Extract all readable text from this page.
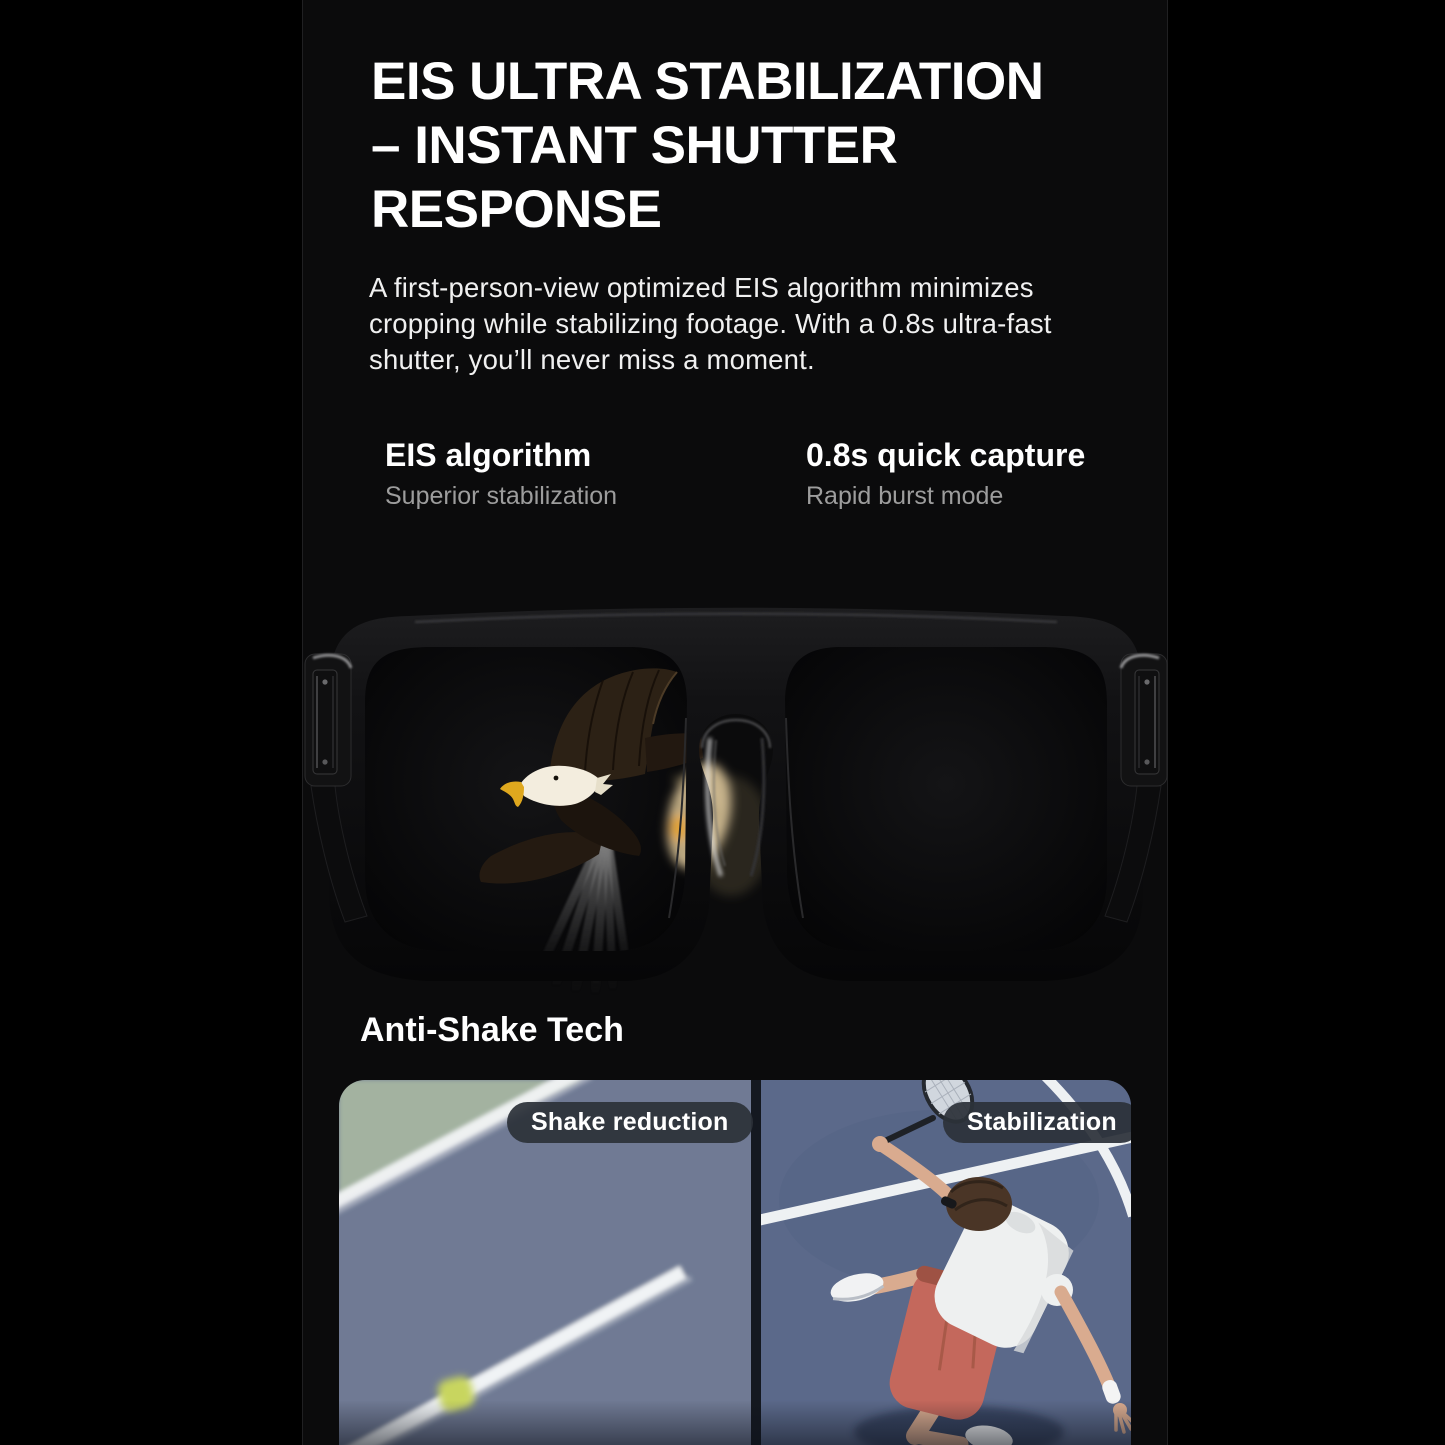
EIS ULTRA STABILIZATION
– INSTANT SHUTTER
RESPONSE

A first-person-view optimized EIS algorithm minimizes cropping while stabilizing footage. With a 0.8s ultra-fast shutter, you’ll never miss a moment.

EIS algorithm
Superior stabilization
0.8s quick capture
Rapid burst mode
Anti-Shake Tech
Shake reduction	Stabilization
